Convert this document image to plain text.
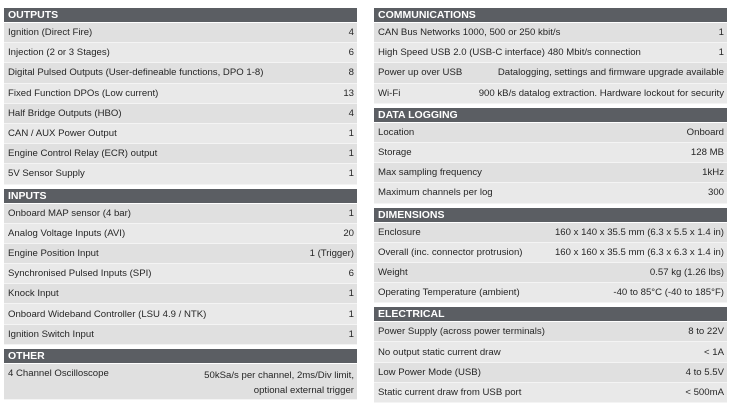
OUTPUTS
Ignition (Direct Fire)	4
Injection (2 or 3 Stages)	6
Digital Pulsed Outputs (User-defineable functions, DPO 1-8)	8
Fixed Function DPOs (Low current)	13
Half Bridge Outputs (HBO)	4
CAN / AUX Power Output	1
Engine Control Relay (ECR) output	1
5V Sensor Supply	1
INPUTS
Onboard MAP sensor (4 bar)	1
Analog Voltage Inputs (AVI)	20
Engine Position Input	1 (Trigger)
Synchronised Pulsed Inputs (SPI)	6
Knock Input	1
Onboard Wideband Controller (LSU 4.9 / NTK)	1
Ignition Switch Input	1
OTHER
4 Channel Oscilloscope	50kSa/s per channel, 2ms/Div limit,
optional external trigger
COMMUNICATIONS
CAN Bus Networks 1000, 500 or 250 kbit/s	1
High Speed USB 2.0 (USB-C interface) 480 Mbit/s connection	1
Power up over USB	Datalogging, settings and firmware upgrade available
Wi-Fi	900 kB/s datalog extraction. Hardware lockout for security
DATA LOGGING
Location	Onboard
Storage	128 MB
Max sampling frequency	1kHz
Maximum channels per log	300
DIMENSIONS
Enclosure	160 x 140 x 35.5 mm (6.3 x 5.5 x 1.4 in)
Overall (inc. connector protrusion)	160 x 160 x 35.5 mm (6.3 x 6.3 x 1.4 in)
Weight	0.57 kg (1.26 lbs)
Operating Temperature (ambient)	-40 to 85°C (-40 to 185°F)
ELECTRICAL
Power Supply (across power terminals)	8 to 22V
No output static current draw	< 1A
Low Power Mode (USB)	4 to 5.5V
Static current draw from USB port	< 500mA
